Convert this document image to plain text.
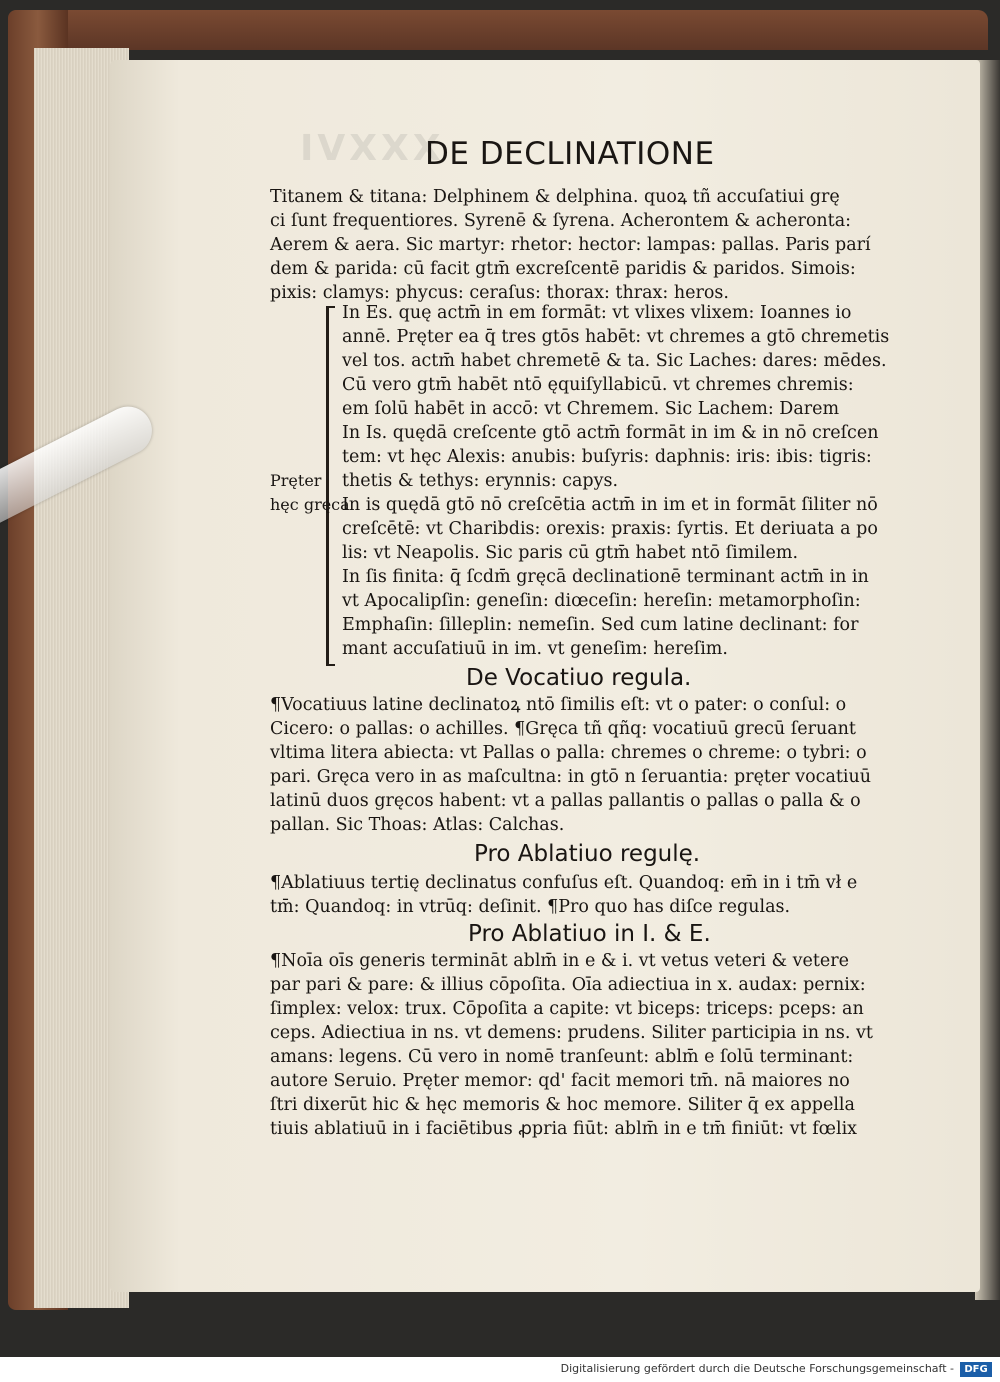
IVXXX
DE DECLINATIONE
Titanem & titana: Delphinem & delphina. quoꝝ tñ accuſatiui grę
ci ſunt frequentiores. Syrenē & ſyrena. Acherontem & acheronta:
Aerem & aera. Sic martyr: rhetor: hector: lampas: pallas. Paris parí
dem & parida: cū facit gtm̄ excreſcentē paridis & paridos. Simois:
pixis: clamys: phycus: ceraſus: thorax: thrax: heros.
In Es. quę actm̄ in em formāt: vt vlixes vlixem: Ioannes io
annē. Pręter ea q̄ tres gtōs habēt: vt chremes a gtō chremetis
vel tos. actm̄ habet chremetē & ta. Sic Laches: dares: mēdes.
Cū vero gtm̄ habēt ntō ęquiſyllabicū. vt chremes chremis:
em ſolū habēt in accō: vt Chremem. Sic Lachem: Darem
In Is. quędā creſcente gtō actm̄ formāt in im & in nō creſcen
tem: vt hęc Alexis: anubis: buſyris: daphnis: iris: ibis: tigris:
thetis & tethys: erynnis: capys.
In is quędā gtō nō creſcētia actm̄ in im et in formāt ſiliter nō
creſcētē: vt Charibdis: orexis: praxis: ſyrtis. Et deriuata a po
lis: vt Neapolis. Sic paris cū gtm̄ habet ntō ſimilem.
In ſis finita: q̄ ſcdm̄ gręcā declinationē terminant actm̄ in in
vt Apocalipſin: geneſin: diœceſin: hereſin: metamorphoſin:
Emphaſin: ſilleplin: nemeſin. Sed cum latine declinant: for
mant accuſatiuū in im. vt geneſim: hereſim.
Pręter
hęc gręca
De Vocatiuo regula.
¶Vocatiuus latine declinatoꝝ ntō ſimilis eſt: vt o pater: o conſul: o
Cicero: o pallas: o achilles. ¶Gręca tñ qñq: vocatiuū grecū ſeruant
vltima litera abiecta: vt Pallas o palla: chremes o chreme: o tybri: o
pari. Gręca vero in as maſcultna: in gtō n ſeruantia: pręter vocatiuū
latinū duos gręcos habent: vt a pallas pallantis o pallas o palla & o
pallan. Sic Thoas: Atlas: Calchas.
Pro Ablatiuo regulę.
¶Ablatiuus tertię declinatus confuſus eſt. Quandoq: em̄ in i tm̄ vł e
tm̄: Quandoq: in vtrūq: deſinit. ¶Pro quo has diſce regulas.
Pro Ablatiuo in I. & E.
¶Noīa oīs generis termināt ablm̄ in e & i. vt vetus veteri & vetere
par pari & pare: & illius cōpoſita. Oīa adiectiua in x. audax: pernix:
ſimplex: velox: trux. Cōpoſita a capite: vt biceps: triceps: pceps: an
ceps. Adiectiua in ns. vt demens: prudens. Siliter participia in ns. vt
amans: legens. Cū vero in nomē tranſeunt: ablm̄ e ſolū terminant:
autore Seruio. Pręter memor: qd' facit memori tm̄. nā maiores no
ſtri dixerūt hic & hęc memoris & hoc memore. Siliter q̄ ex appella
tiuis ablatiuū in i faciētibus ꝓpria fiūt: ablm̄ in e tm̄ finiūt: vt fœlix
Digitalisierung gefördert durch die Deutsche Forschungsgemeinschaft -	DFG
